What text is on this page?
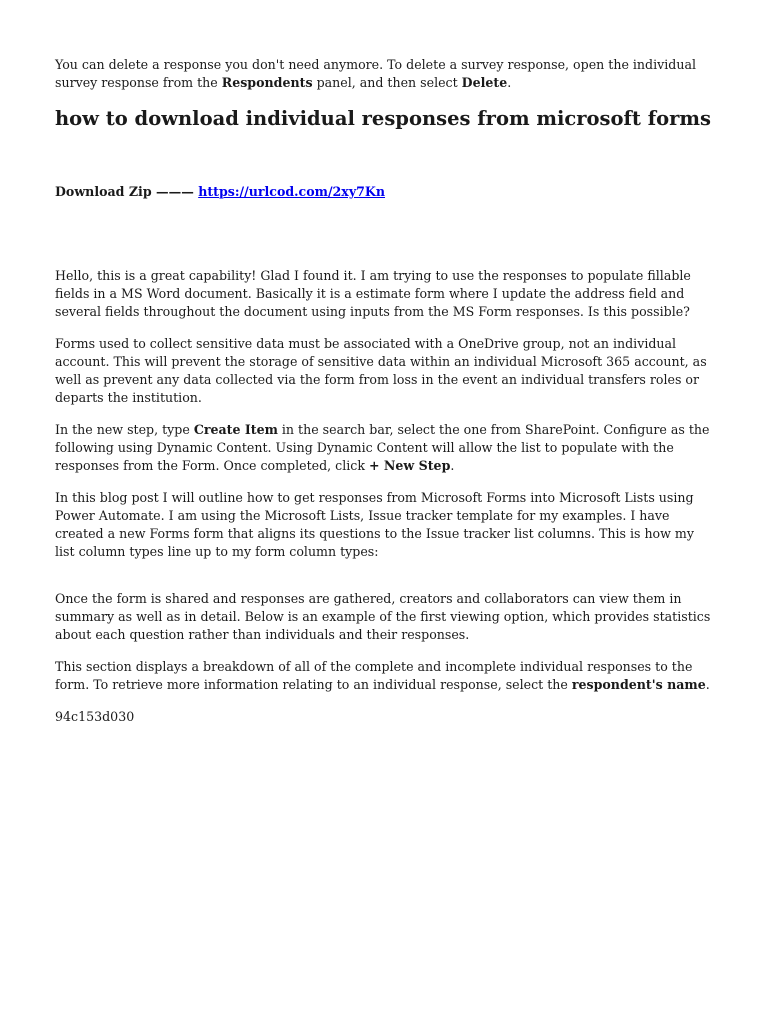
You can delete a response you don't need anymore. To delete a survey response, open the individual survey response from the Respondents panel, and then select Delete.

how to download individual responses from microsoft forms

Download Zip ——— https://urlcod.com/2xy7Kn

Hello, this is a great capability! Glad I found it. I am trying to use the responses to populate fillable fields in a MS Word document. Basically it is a estimate form where I update the address field and several fields throughout the document using inputs from the MS Form responses. Is this possible?

Forms used to collect sensitive data must be associated with a OneDrive group, not an individual account. This will prevent the storage of sensitive data within an individual Microsoft 365 account, as well as prevent any data collected via the form from loss in the event an individual transfers roles or departs the institution.

In the new step, type Create Item in the search bar, select the one from SharePoint. Configure as the following using Dynamic Content. Using Dynamic Content will allow the list to populate with the responses from the Form. Once completed, click + New Step.

In this blog post I will outline how to get responses from Microsoft Forms into Microsoft Lists using Power Automate. I am using the Microsoft Lists, Issue tracker template for my examples. I have created a new Forms form that aligns its questions to the Issue tracker list columns. This is how my list column types line up to my form column types:

Once the form is shared and responses are gathered, creators and collaborators can view them in summary as well as in detail. Below is an example of the first viewing option, which provides statistics about each question rather than individuals and their responses.

This section displays a breakdown of all of the complete and incomplete individual responses to the form. To retrieve more information relating to an individual response, select the respondent's name.

94c153d030
